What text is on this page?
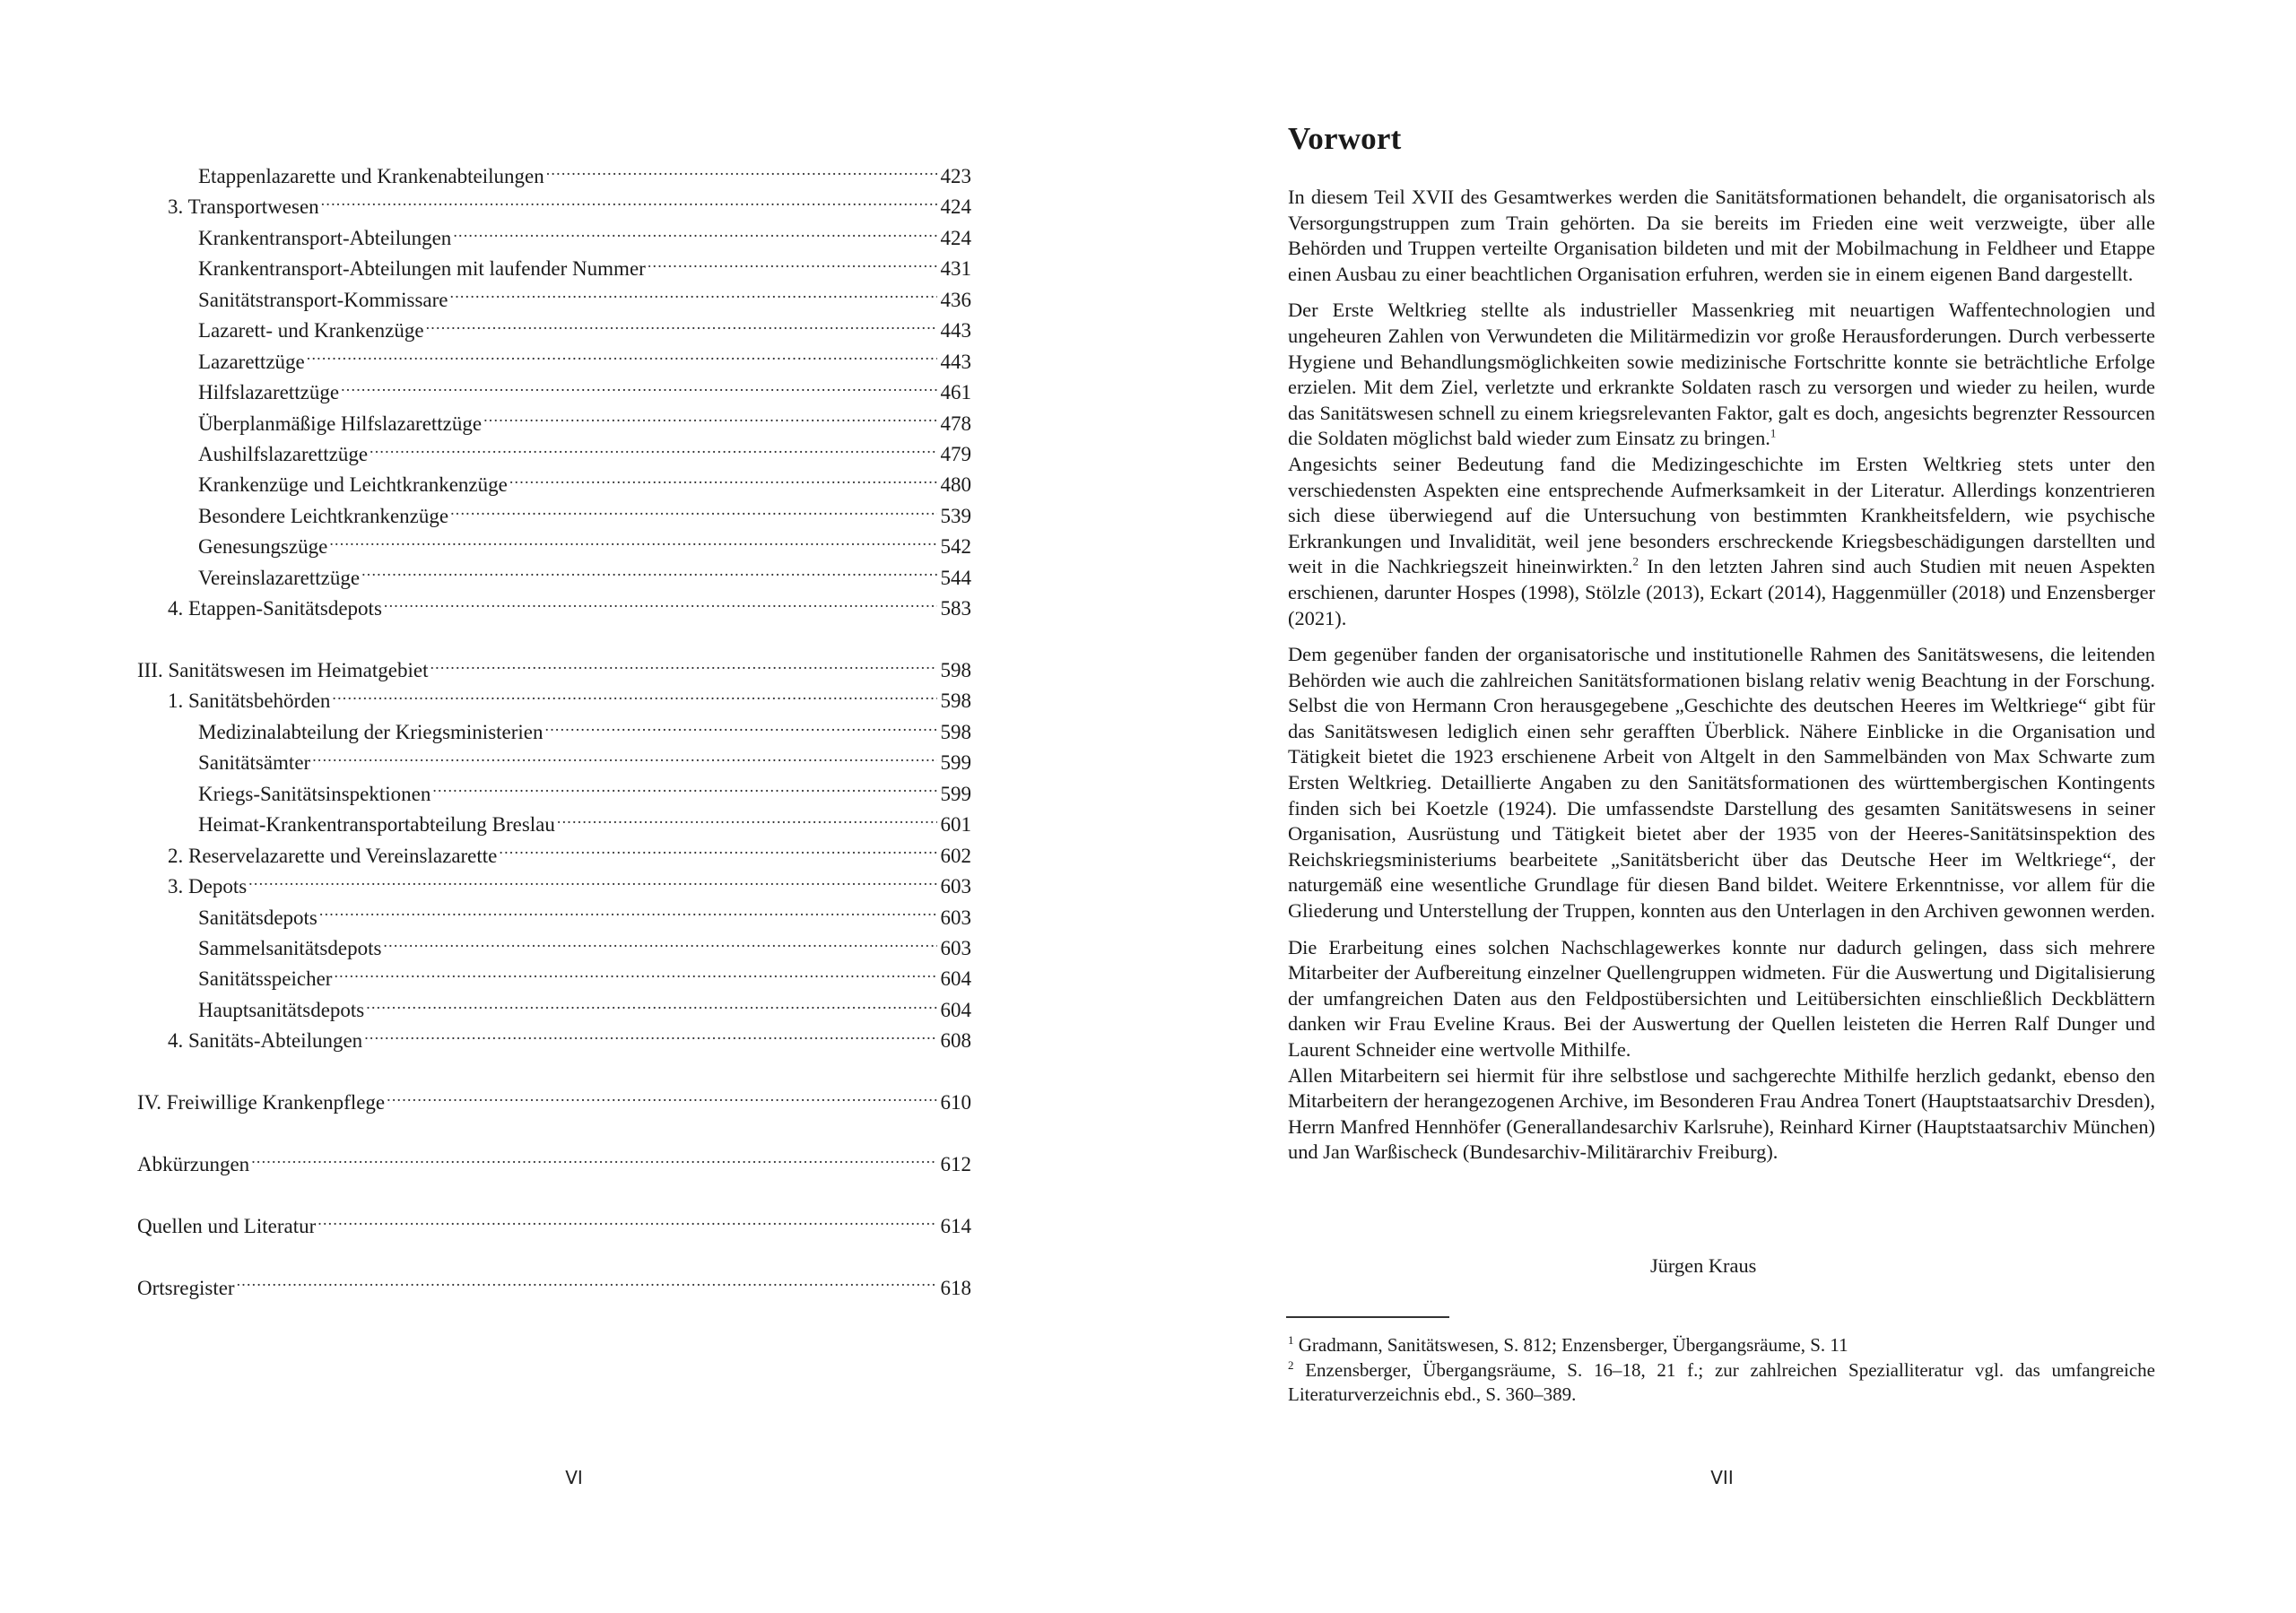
Etappenlazarette und Krankenabteilungen .....	423
3. Transportwesen .....	424
Krankentransport-Abteilungen .....	424
Krankentransport-Abteilungen mit laufender Nummer .....	431
Sanitätstransport-Kommissare .....	436
Lazarett- und Krankenzüge .....	443
Lazarettzüge .....	443
Hilfslazarettzüge .....	461
Überplanmäßige Hilfslazarettzüge .....	478
Aushilfslazarettzüge .....	479
Krankenzüge und Leichtkrankenzüge .....	480
Besondere Leichtkrankenzüge .....	539
Genesungszüge .....	542
Vereinslazarettzüge .....	544
4. Etappen-Sanitätsdepots .....	583
III. Sanitätswesen im Heimatgebiet .....	598
1. Sanitätsbehörden .....	598
Medizinalabteilung der Kriegsministerien .....	598
Sanitätsämter .....	599
Kriegs-Sanitätsinspektionen .....	599
Heimat-Krankentransportabteilung Breslau .....	601
2. Reservelazarette und Vereinslazarette .....	602
3. Depots .....	603
Sanitätsdepots .....	603
Sammelsanitätsdepots .....	603
Sanitätsspeicher .....	604
Hauptsanitätsdepots .....	604
4. Sanitäts-Abteilungen .....	608
IV. Freiwillige Krankenpflege .....	610
Abkürzungen .....	612
Quellen und Literatur .....	614
Ortsregister .....	618
VI
Vorwort

In diesem Teil XVII des Gesamtwerkes werden die Sanitätsformationen behandelt, die organisatorisch als Versorgungstruppen zum Train gehörten. Da sie bereits im Frieden eine weit verzweigte, über alle Behörden und Truppen verteilte Organisation bildeten und mit der Mobilmachung in Feldheer und Etappe einen Ausbau zu einer beachtlichen Organisation erfuhren, werden sie in einem eigenen Band dargestellt.

Der Erste Weltkrieg stellte als industrieller Massenkrieg mit neuartigen Waffentechnologien und ungeheuren Zahlen von Verwundeten die Militärmedizin vor große Herausforderungen. Durch verbesserte Hygiene und Behandlungsmöglichkeiten sowie medizinische Fortschritte konnte sie beträchtliche Erfolge erzielen. Mit dem Ziel, verletzte und erkrankte Soldaten rasch zu versorgen und wieder zu heilen, wurde das Sanitätswesen schnell zu einem kriegsrelevanten Faktor, galt es doch, angesichts begrenzter Ressourcen die Soldaten möglichst bald wieder zum Einsatz zu bringen.$^1$

Angesichts seiner Bedeutung fand die Medizingeschichte im Ersten Weltkrieg stets unter den verschiedensten Aspekten eine entsprechende Aufmerksamkeit in der Literatur. Allerdings konzentrieren sich diese überwiegend auf die Untersuchung von bestimmten Krankheitsfeldern, wie psychische Erkrankungen und Invalidität, weil jene besonders erschreckende Kriegsbeschädigungen darstellten und weit in die Nachkriegszeit hineinwirkten.$^2$ In den letzten Jahren sind auch Studien mit neuen Aspekten erschienen, darunter Hospes (1998), Stölzle (2013), Eckart (2014), Haggenmüller (2018) und Enzensberger (2021).

Dem gegenüber fanden der organisatorische und institutionelle Rahmen des Sanitätswesens, die leitenden Behörden wie auch die zahlreichen Sanitätsformationen bislang relativ wenig Beachtung in der Forschung. Selbst die von Hermann Cron herausgegebene „Geschichte des deutschen Heeres im Weltkriege“ gibt für das Sanitätswesen lediglich einen sehr gerafften Überblick. Nähere Einblicke in die Organisation und Tätigkeit bietet die 1923 erschienene Arbeit von Altgelt in den Sammelbänden von Max Schwarte zum Ersten Weltkrieg. Detaillierte Angaben zu den Sanitätsformationen des württembergischen Kontingents finden sich bei Koetzle (1924). Die umfassendste Darstellung des gesamten Sanitätswesens in seiner Organisation, Ausrüstung und Tätigkeit bietet aber der 1935 von der Heeres-Sanitätsinspektion des Reichskriegsministeriums bearbeitete „Sanitätsbericht über das Deutsche Heer im Weltkriege“, der naturgemäß eine wesentliche Grundlage für diesen Band bildet. Weitere Erkenntnisse, vor allem für die Gliederung und Unterstellung der Truppen, konnten aus den Unterlagen in den Archiven gewonnen werden.

Die Erarbeitung eines solchen Nachschlagewerkes konnte nur dadurch gelingen, dass sich mehrere Mitarbeiter der Aufbereitung einzelner Quellengruppen widmeten. Für die Auswertung und Digitalisierung der umfangreichen Daten aus den Feldpostübersichten und Leitübersichten einschließlich Deckblättern danken wir Frau Eveline Kraus. Bei der Auswertung der Quellen leisteten die Herren Ralf Dunger und Laurent Schneider eine wertvolle Mithilfe.

Allen Mitarbeitern sei hiermit für ihre selbstlose und sachgerechte Mithilfe herzlich gedankt, ebenso den Mitarbeitern der herangezogenen Archive, im Besonderen Frau Andrea Tonert (Hauptstaatsarchiv Dresden), Herrn Manfred Hennhöfer (Generallandesarchiv Karlsruhe), Reinhard Kirner (Hauptstaatsarchiv München) und Jan Warßischeck (Bundesarchiv-Militärarchiv Freiburg).

Jürgen Kraus

$^1$ Gradmann, Sanitätswesen, S. 812; Enzensberger, Übergangsräume, S. 11

$^2$ Enzensberger, Übergangsräume, S. 16–18, 21 f.; zur zahlreichen Spezialliteratur vgl. das umfangreiche Literaturverzeichnis ebd., S. 360–389.

VII
